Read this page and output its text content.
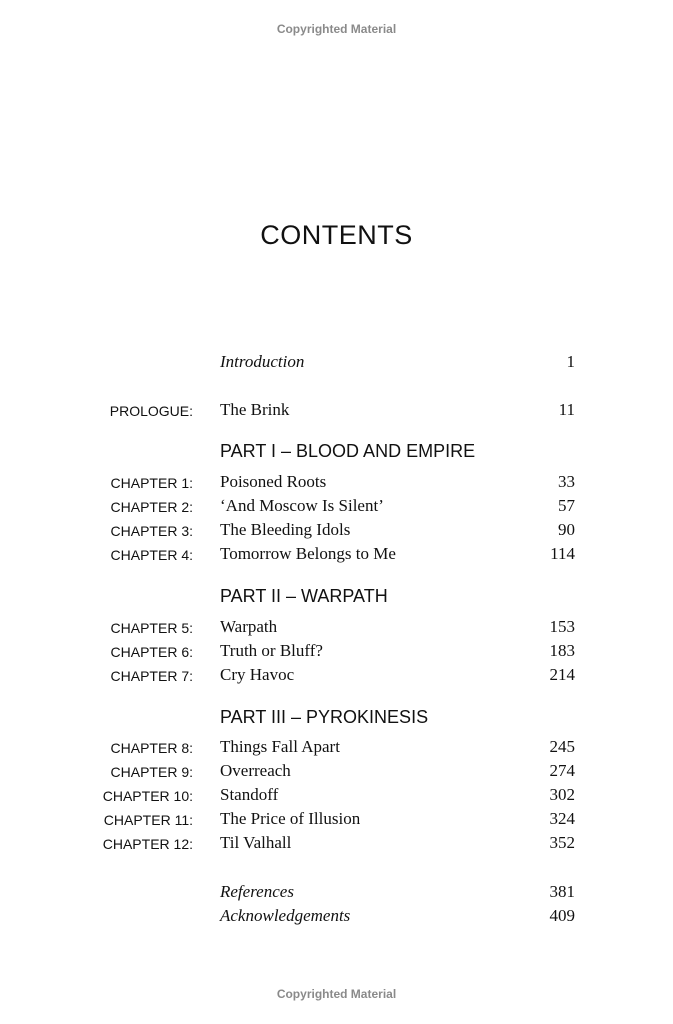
Copyrighted Material
CONTENTS
Introduction	1
PROLOGUE: The Brink	11
PART I – BLOOD AND EMPIRE
CHAPTER 1: Poisoned Roots	33
CHAPTER 2: ‘And Moscow Is Silent’	57
CHAPTER 3: The Bleeding Idols	90
CHAPTER 4: Tomorrow Belongs to Me	114
PART II – WARPATH
CHAPTER 5: Warpath	153
CHAPTER 6: Truth or Bluff?	183
CHAPTER 7: Cry Havoc	214
PART III – PYROKINESIS
CHAPTER 8: Things Fall Apart	245
CHAPTER 9: Overreach	274
CHAPTER 10: Standoff	302
CHAPTER 11: The Price of Illusion	324
CHAPTER 12: Til Valhall	352
References	381
Acknowledgements	409
Copyrighted Material
